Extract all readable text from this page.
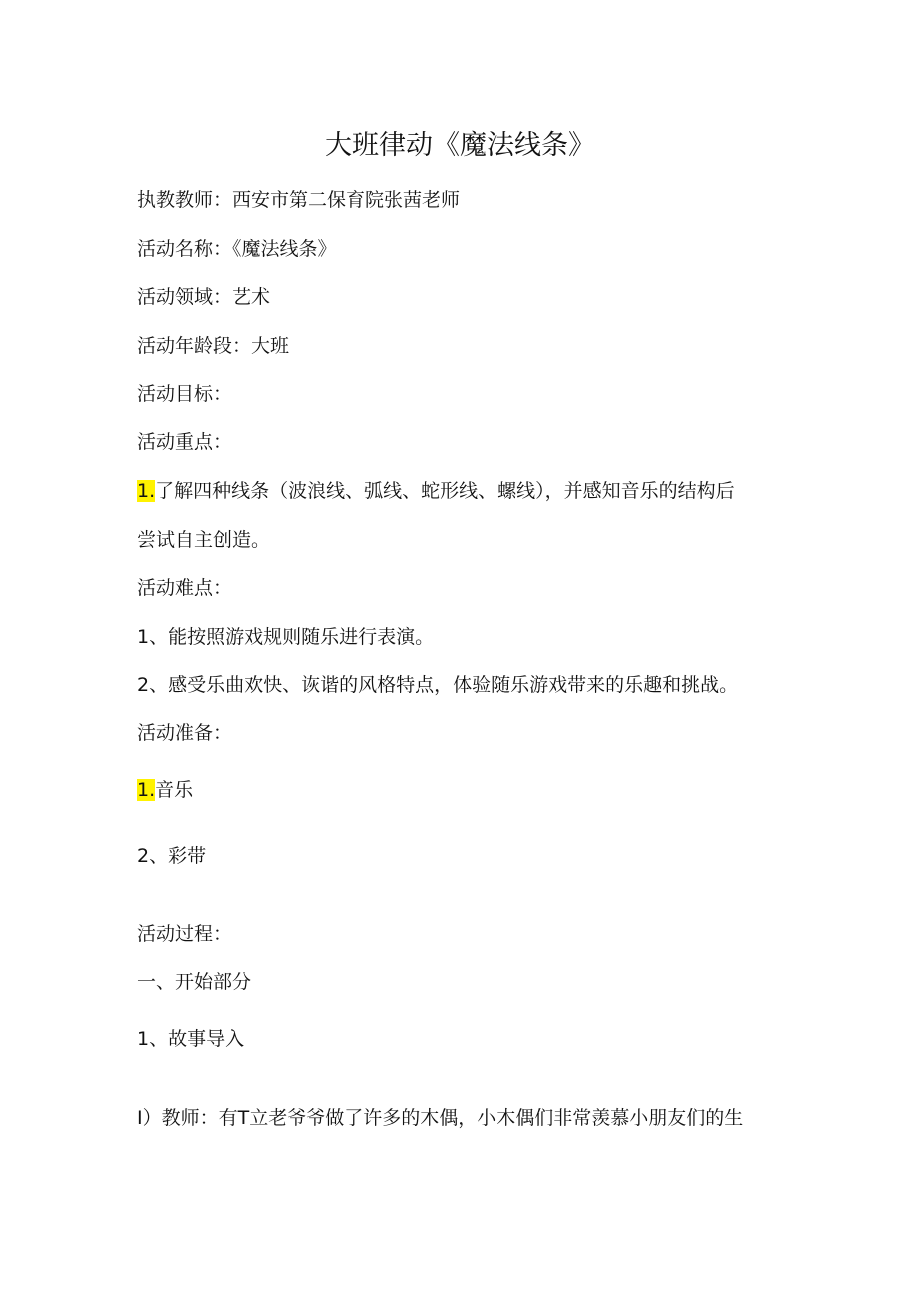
大班律动《魔法线条》
执教教师：西安市第二保育院张茜老师
活动名称：《魔法线条》
活动领域：艺术
活动年龄段：大班
活动目标：
活动重点：
1.了解四种线条（波浪线、弧线、蛇形线、螺线），并感知音乐的结构后
尝试自主创造。
活动难点：
1、能按照游戏规则随乐进行表演。
2、感受乐曲欢快、诙谐的风格特点，体验随乐游戏带来的乐趣和挑战。
活动准备：
1.音乐
2、彩带
活动过程：
一、开始部分
1、故事导入
I）教师：有T立老爷爷做了许多的木偶，小木偶们非常羡慕小朋友们的生
